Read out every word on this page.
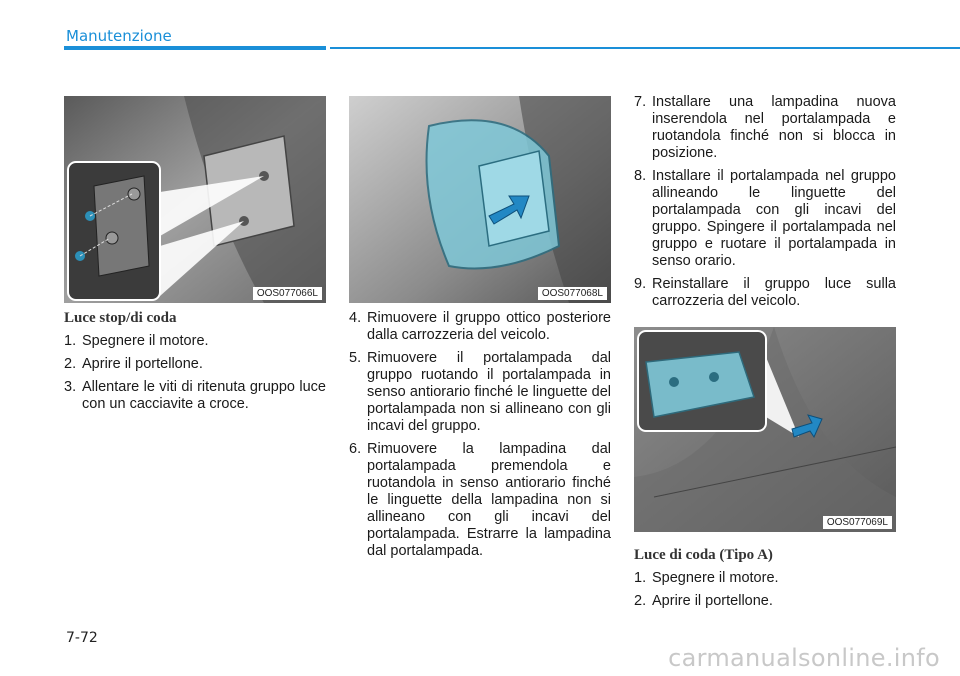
Manutenzione
OOS077066L	OOS077068L
OOS077069L
Luce stop/di coda
1. Spegnere il motore.
2. Aprire il portellone.
3. Allentare le viti di ritenuta gruppo luce con un cacciavite a croce.
4. Rimuovere il gruppo ottico posteriore dalla carrozzeria del veicolo.
5. Rimuovere il portalampada dal gruppo ruotando il portalampada in senso antiorario finché le linguette del portalampada non si allineano con gli incavi del gruppo.
6. Rimuovere la lampadina dal portalampada premendola e ruotandola in senso antiorario finché le linguette della lampadina non si allineano con gli incavi del portalampada. Estrarre la lampadina dal portalampada.
7. Installare una lampadina nuova inserendola nel portalampada e ruotandola finché non si blocca in posizione.
8. Installare il portalampada nel gruppo allineando le linguette del portalampada con gli incavi del gruppo. Spingere il portalampada nel gruppo e ruotare il portalampada in senso orario.
9. Reinstallare il gruppo luce sulla carrozzeria del veicolo.
Luce di coda (Tipo A)
1. Spegnere il motore.
2. Aprire il portellone.
7-72
carmanualsonline.info
